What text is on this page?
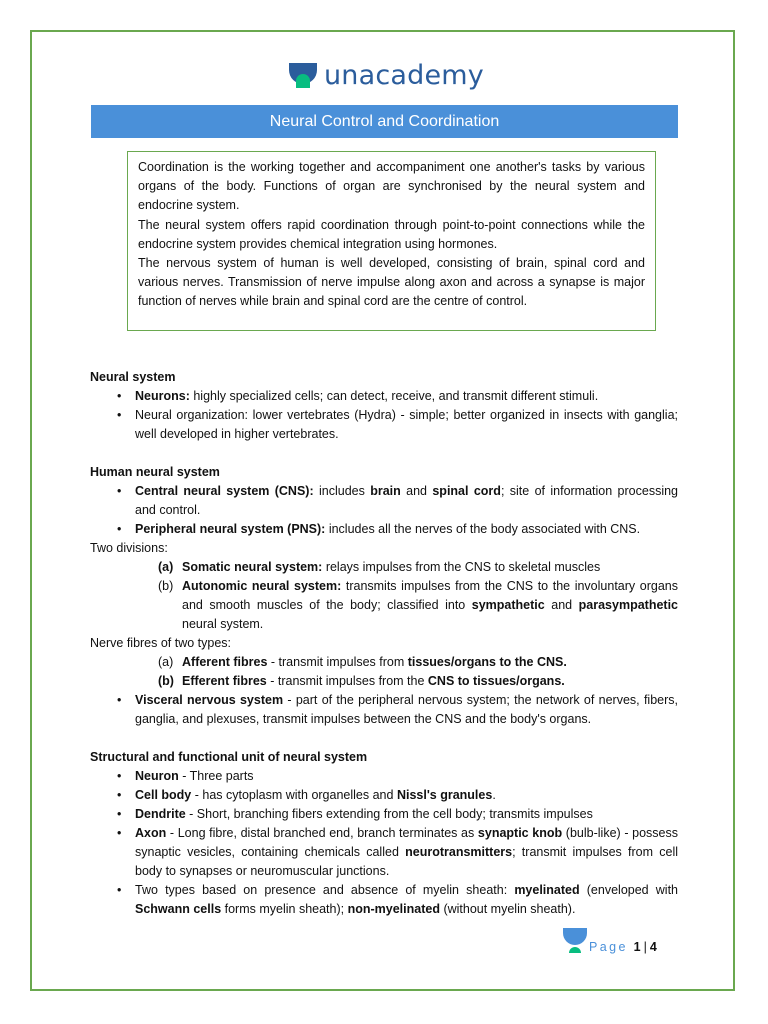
unacademy
Neural Control and Coordination

Coordination is the working together and accompaniment one another's tasks by various organs of the body. Functions of organ are synchronised by the neural system and endocrine system.

The neural system offers rapid coordination through point-to-point connections while the endocrine system provides chemical integration using hormones.

The nervous system of human is well developed, consisting of brain, spinal cord and various nerves. Transmission of nerve impulse along axon and across a synapse is major function of nerves while brain and spinal cord are the centre of control.

Neural system

• Neurons: highly specialized cells; can detect, receive, and transmit different stimuli.
• Neural organization: lower vertebrates (Hydra) - simple; better organized in insects with ganglia; well developed in higher vertebrates.

Human neural system

• Central neural system (CNS): includes brain and spinal cord; site of information processing and control.
• Peripheral neural system (PNS): includes all the nerves of the body associated with CNS.

Two divisions:

(a) Somatic neural system: relays impulses from the CNS to skeletal muscles
(b) Autonomic neural system: transmits impulses from the CNS to the involuntary organs and smooth muscles of the body; classified into sympathetic and parasympathetic neural system.

Nerve fibres of two types:

(a) Afferent fibres - transmit impulses from tissues/organs to the CNS.
(b) Efferent fibres - transmit impulses from the CNS to tissues/organs.
• Visceral nervous system - part of the peripheral nervous system; the network of nerves, fibers, ganglia, and plexuses, transmit impulses between the CNS and the body's organs.

Structural and functional unit of neural system

• Neuron - Three parts
• Cell body - has cytoplasm with organelles and Nissl's granules.
• Dendrite - Short, branching fibers extending from the cell body; transmits impulses
• Axon - Long fibre, distal branched end, branch terminates as synaptic knob (bulb-like) - possess synaptic vesicles, containing chemicals called neurotransmitters; transmit impulses from cell body to synapses or neuromuscular junctions.
• Two types based on presence and absence of myelin sheath: myelinated (enveloped with Schwann cells forms myelin sheath); non-myelinated (without myelin sheath).
Page 1 | 4
